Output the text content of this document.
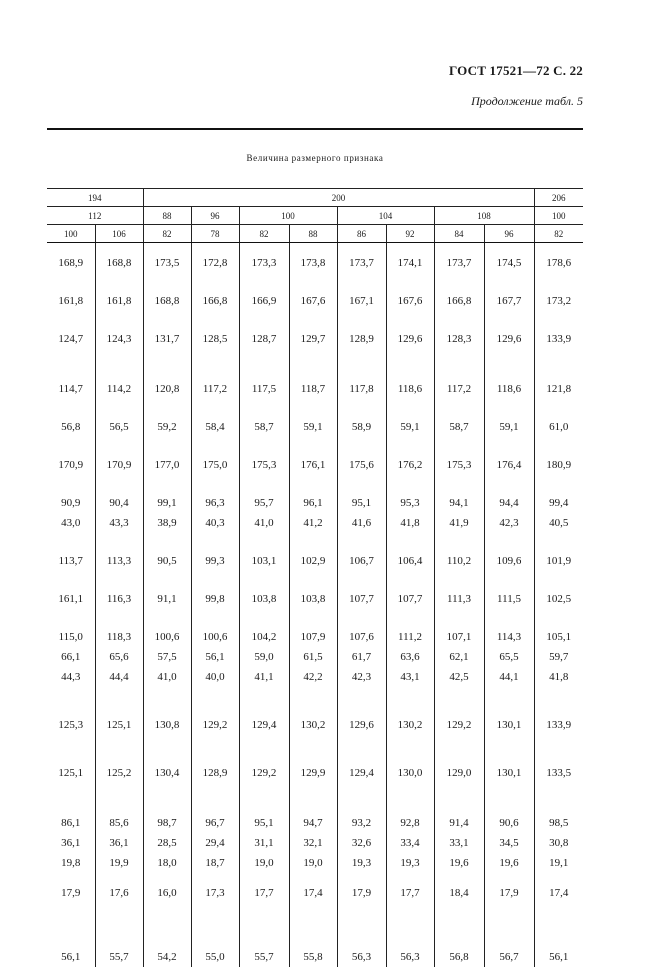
ГОСТ 17521—72 С. 22
Продолжение табл. 5
Величина размерного признака
194		200								206
112		88	96	100		104		108		100
100	106	82	78	82	88	86	92	84	96	82
168,9	168,8	173,5	172,8	173,3	173,8	173,7	174,1	173,7	174,5	178,6
161,8	161,8	168,8	166,8	166,9	167,6	167,1	167,6	166,8	167,7	173,2
124,7	124,3	131,7	128,5	128,7	129,7	128,9	129,6	128,3	129,6	133,9
114,7	114,2	120,8	117,2	117,5	118,7	117,8	118,6	117,2	118,6	121,8
56,8	56,5	59,2	58,4	58,7	59,1	58,9	59,1	58,7	59,1	61,0
170,9	170,9	177,0	175,0	175,3	176,1	175,6	176,2	175,3	176,4	180,9
90,9	90,4	99,1	96,3	95,7	96,1	95,1	95,3	94,1	94,4	99,4
43,0	43,3	38,9	40,3	41,0	41,2	41,6	41,8	41,9	42,3	40,5
113,7	113,3	90,5	99,3	103,1	102,9	106,7	106,4	110,2	109,6	101,9
161,1	116,3	91,1	99,8	103,8	103,8	107,7	107,7	111,3	111,5	102,5
115,0	118,3	100,6	100,6	104,2	107,9	107,6	111,2	107,1	114,3	105,1
66,1	65,6	57,5	56,1	59,0	61,5	61,7	63,6	62,1	65,5	59,7
44,3	44,4	41,0	40,0	41,1	42,2	42,3	43,1	42,5	44,1	41,8
125,3	125,1	130,8	129,2	129,4	130,2	129,6	130,2	129,2	130,1	133,9
125,1	125,2	130,4	128,9	129,2	129,9	129,4	130,0	129,0	130,1	133,5
86,1	85,6	98,7	96,7	95,1	94,7	93,2	92,8	91,4	90,6	98,5
36,1	36,1	28,5	29,4	31,1	32,1	32,6	33,4	33,1	34,5	30,8
19,8	19,9	18,0	18,7	19,0	19,0	19,3	19,3	19,6	19,6	19,1
17,9	17,6	16,0	17,3	17,7	17,4	17,9	17,7	18,4	17,9	17,4
56,1	55,7	54,2	55,0	55,7	55,8	56,3	56,3	56,8	56,7	56,1
